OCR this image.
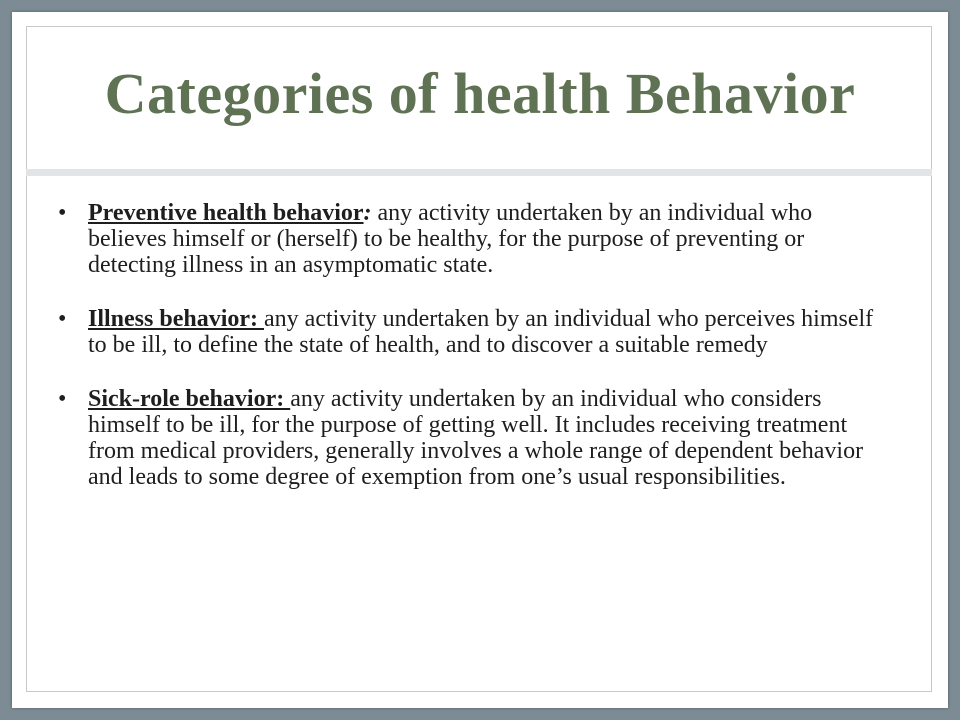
Categories of health Behavior
• Preventive health behavior: any activity undertaken by an individual who believes himself or (herself) to be healthy, for the purpose of preventing or detecting illness in an asymptomatic state.
• Illness behavior: any activity undertaken by an individual who perceives himself to be ill, to define the state of health, and to discover a suitable remedy
• Sick-role behavior: any activity undertaken by an individual who considers himself to be ill, for the purpose of getting well. It includes receiving treatment from medical providers, generally involves a whole range of dependent behavior and leads to some degree of exemption from one’s usual responsibilities.
